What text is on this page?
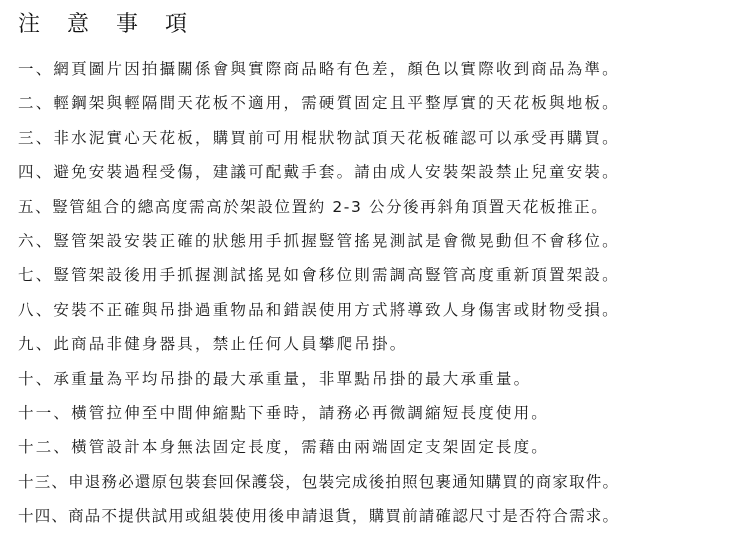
注 意 事 項
一、網頁圖片因拍攝關係會與實際商品略有色差，顏色以實際收到商品為準。
二、輕鋼架與輕隔間天花板不適用，需硬質固定且平整厚實的天花板與地板。
三、非水泥實心天花板，購買前可用棍狀物試頂天花板確認可以承受再購買。
四、避免安裝過程受傷，建議可配戴手套。請由成人安裝架設禁止兒童安裝。
五、豎管組合的總高度需高於架設位置約 2-3 公分後再斜角頂置天花板推正。
六、豎管架設安裝正確的狀態用手抓握豎管搖晃測試是會微晃動但不會移位。
七、豎管架設後用手抓握測試搖晃如會移位則需調高豎管高度重新頂置架設。
八、安裝不正確與吊掛過重物品和錯誤使用方式將導致人身傷害或財物受損。
九、此商品非健身器具，禁止任何人員攀爬吊掛。
十、承重量為平均吊掛的最大承重量，非單點吊掛的最大承重量。
十一、橫管拉伸至中間伸縮點下垂時，請務必再微調縮短長度使用。
十二、橫管設計本身無法固定長度，需藉由兩端固定支架固定長度。
十三、申退務必還原包裝套回保護袋，包裝完成後拍照包裹通知購買的商家取件。
十四、商品不提供試用或組裝使用後申請退貨，購買前請確認尺寸是否符合需求。
